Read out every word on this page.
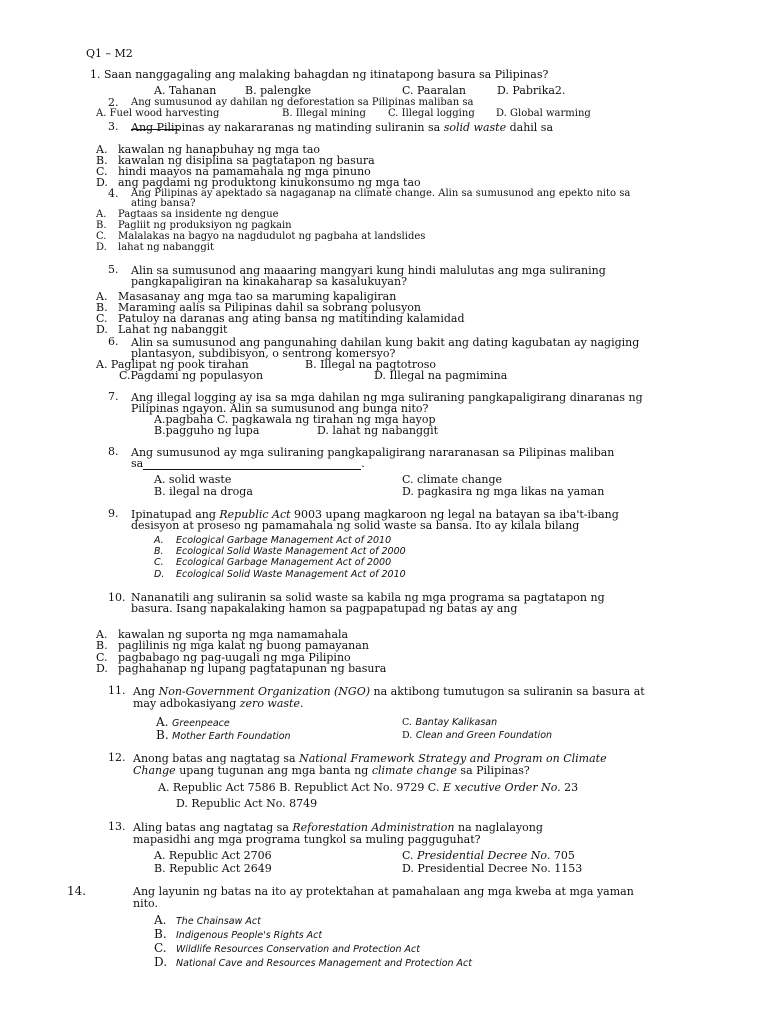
Q1 – M2
1. Saan nanggagaling ang malaking bahagdan ng itinatapong basura sa Pilipinas?
A. Tahanan	B. palengke	C. Paaralan	D. Pabrika2.
2. Ang sumusunod ay dahilan ng deforestation sa Pilipinas maliban sa
A. Fuel wood harvesting	B. Illegal mining C. Illegal logging D. Global warming
3. Ang Pilipinas ay nakararanas ng matinding suliranin sa solid waste dahil sa
A. kawalan ng hanapbuhay ng mga tao
B. kawalan ng disiplina sa pagtatapon ng basura
C. hindi maayos na pamamahala ng mga pinuno
D. ang pagdami ng produktong kinukonsumo ng mga tao
4. Ang Pilipinas ay apektado sa nagaganap na climate change. Alin sa sumusunod ang epekto nito sa
ating bansa?
A. Pagtaas sa insidente ng dengue
B. Pagliit ng produksiyon ng pagkain
C. Malalakas na bagyo na nagdudulot ng pagbaha at landslides
D. lahat ng nabanggit
5. Alin sa sumusunod ang maaaring mangyari kung hindi malulutas ang mga suliraning
pangkapaligiran na kinakaharap sa kasalukuyan?
A. Masasanay ang mga tao sa maruming kapaligiran
B. Maraming aalis sa Pilipinas dahil sa sobrang polusyon
C. Patuloy na daranas ang ating bansa ng matitinding kalamidad
D. Lahat ng nabanggit
6. Alin sa sumusunod ang pangunahing dahilan kung bakit ang dating kagubatan ay nagiging
plantasyon, subdibisyon, o sentrong komersyo?
A. Paglipat ng pook tirahan	B. Illegal na pagtotroso
C.Pagdami ng populasyon	D. Illegal na pagmimina
7. Ang illegal logging ay isa sa mga dahilan ng mga suliraning pangkapaligirang dinaranas ng
Pilipinas ngayon. Alin sa sumusunod ang bunga nito?
A.pagbaha C. pagkawala ng tirahan ng mga hayop
B.pagguho ng lupa	D. lahat ng nabanggit
8. Ang sumusunod ay mga suliraning pangkapaligirang nararanasan sa Pilipinas maliban
sa	.
A. solid waste	C. climate change
B. ilegal na droga	D. pagkasira ng mga likas na yaman
9. Ipinatupad ang Republic Act 9003 upang magkaroon ng legal na batayan sa iba't-ibang
desisyon at proseso ng pamamahala ng solid waste sa bansa. Ito ay kilala bilang
A. Ecological Garbage Management Act of 2010
B. Ecological Solid Waste Management Act of 2000
C. Ecological Garbage Management Act of 2000
D. Ecological Solid Waste Management Act of 2010
10. Nananatili ang suliranin sa solid waste sa kabila ng mga programa sa pagtatapon ng
basura. Isang napakalaking hamon sa pagpapatupad ng batas ay ang
A. kawalan ng suporta ng mga namamahala
B. paglilinis ng mga kalat ng buong pamayanan
C. pagbabago ng pag-uugali ng mga Pilipino
D. paghahanap ng lupang pagtatapunan ng basura
11. Ang Non-Government Organization (NGO) na aktibong tumutugon sa suliranin sa basura at
may adbokasiyang zero waste.
A. Greenpeace
B. Mother Earth Foundation
C. Bantay Kalikasan
D. Clean and Green Foundation
12. Anong batas ang nagtatag sa National Framework Strategy and Program on Climate
Change upang tugunan ang mga banta ng climate change sa Pilipinas?
A. Republic Act 7586 B. Republict Act No. 9729 C. E xecutive Order No. 23
D. Republic Act No. 8749
13. Aling batas ang nagtatag sa Reforestation Administration na naglalayong
mapasidhi ang mga programa tungkol sa muling pagguguhat?
A. Republic Act 2706	C. Presidential Decree No. 705
B. Republic Act 2649	D. Presidential Decree No. 1153
14.	Ang layunin ng batas na ito ay protektahan at pamahalaan ang mga kweba at mga yaman
nito.
A. The Chainsaw Act
B. Indigenous People's Rights Act
C. Wildlife Resources Conservation and Protection Act
D. National Cave and Resources Management and Protection Act
